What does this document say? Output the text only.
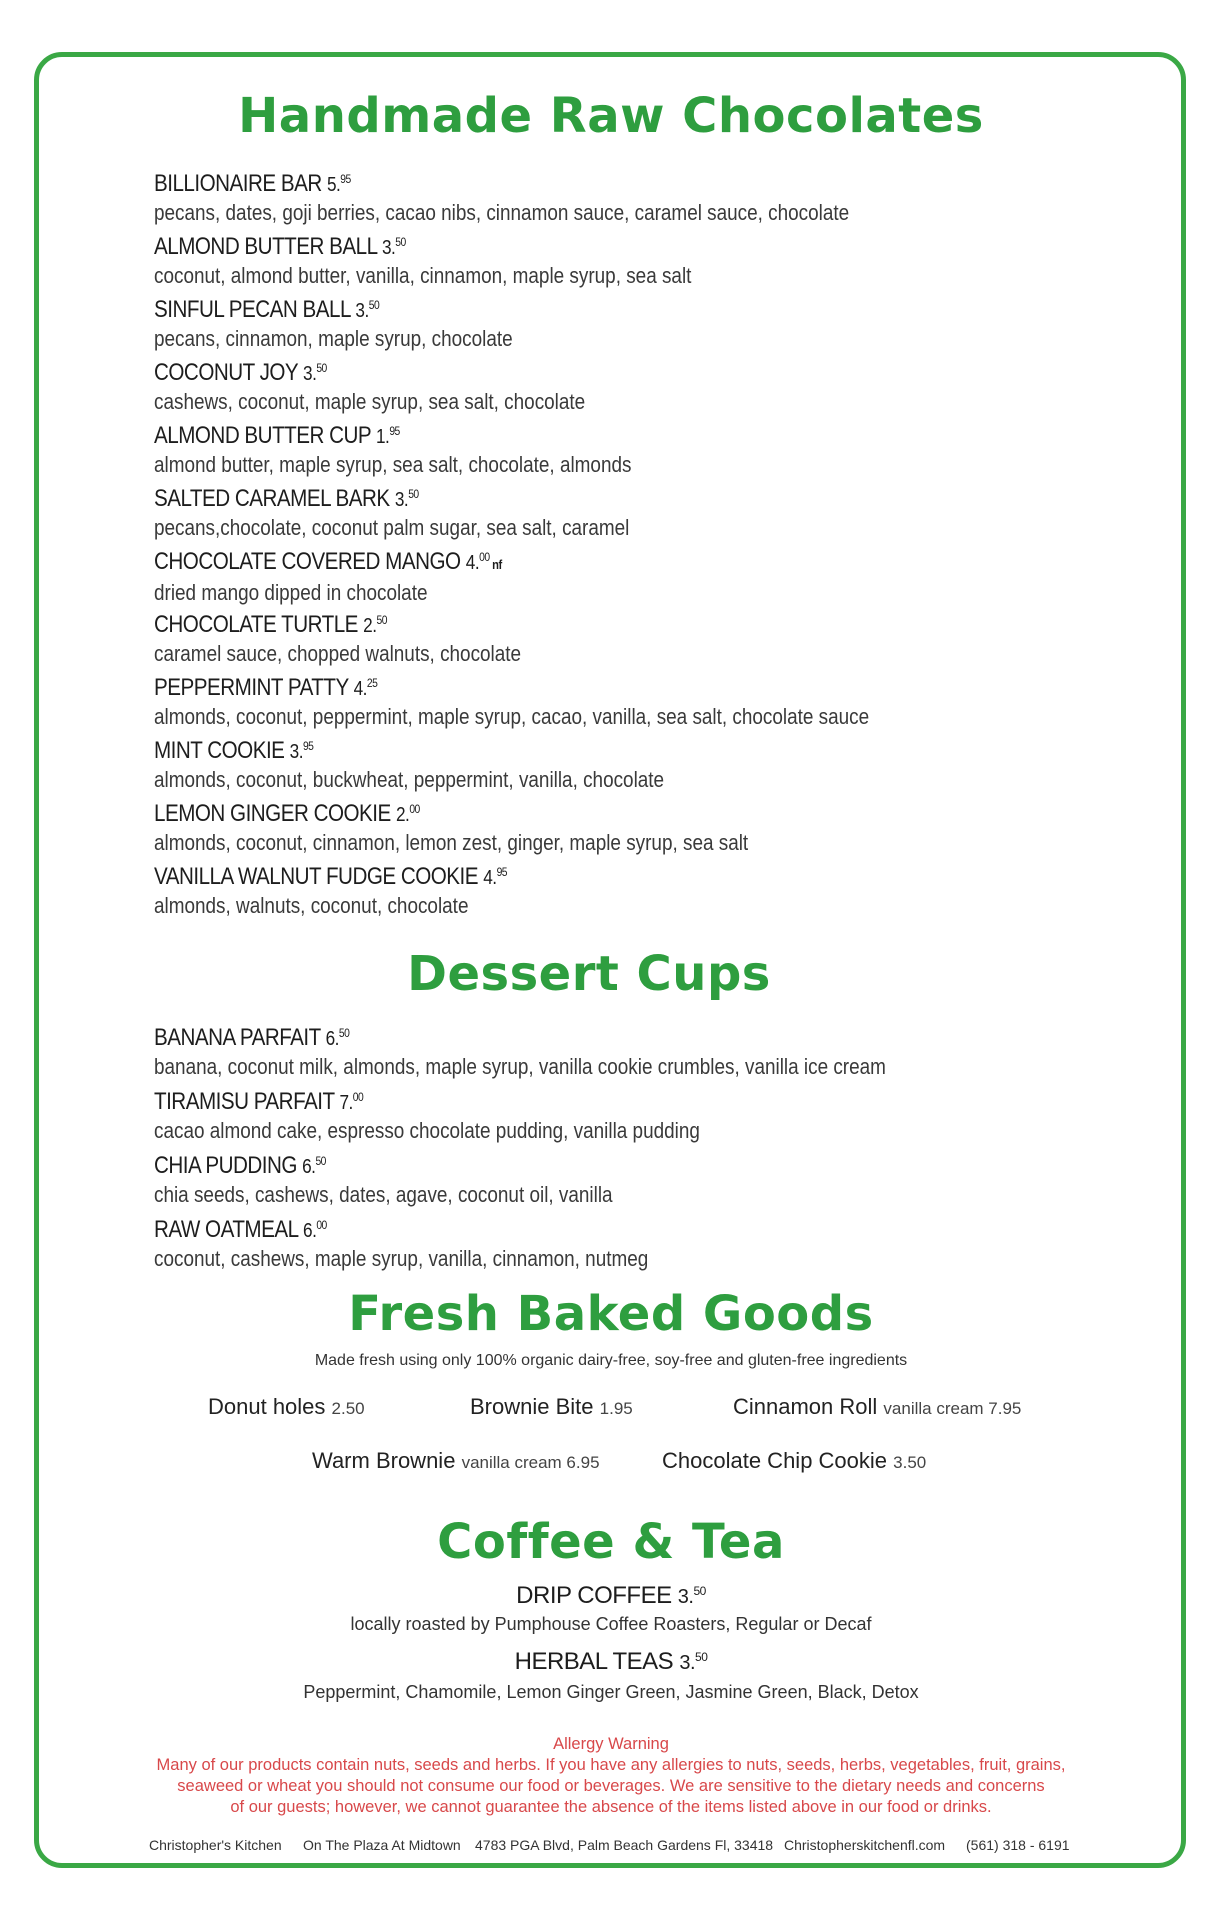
Handmade Raw Chocolates
BILLIONAIRE BAR 5.95
pecans, dates, goji berries, cacao nibs, cinnamon sauce, caramel sauce, chocolate
ALMOND BUTTER BALL 3.50
coconut, almond butter, vanilla, cinnamon, maple syrup, sea salt
SINFUL PECAN BALL 3.50
pecans, cinnamon, maple syrup, chocolate
COCONUT JOY 3.50
cashews, coconut, maple syrup, sea salt, chocolate
ALMOND BUTTER CUP 1.95
almond butter, maple syrup, sea salt, chocolate, almonds
SALTED CARAMEL BARK 3.50
pecans,chocolate, coconut palm sugar, sea salt, caramel
CHOCOLATE COVERED MANGO 4.00 nf
dried mango dipped in chocolate
CHOCOLATE TURTLE 2.50
caramel sauce, chopped walnuts, chocolate
PEPPERMINT PATTY 4.25
almonds, coconut, peppermint, maple syrup, cacao, vanilla, sea salt, chocolate sauce
MINT COOKIE 3.95
almonds, coconut, buckwheat, peppermint, vanilla, chocolate
LEMON GINGER COOKIE 2.00
almonds, coconut, cinnamon, lemon zest, ginger, maple syrup, sea salt
VANILLA WALNUT FUDGE COOKIE 4.95
almonds, walnuts, coconut, chocolate
Dessert Cups
BANANA PARFAIT 6.50
banana, coconut milk, almonds, maple syrup, vanilla cookie crumbles, vanilla ice cream
TIRAMISU PARFAIT 7.00
cacao almond cake, espresso chocolate pudding, vanilla pudding
CHIA PUDDING 6.50
chia seeds, cashews, dates, agave, coconut oil, vanilla
RAW OATMEAL 6.00
coconut, cashews, maple syrup, vanilla, cinnamon, nutmeg
Fresh Baked Goods
Made fresh using only 100% organic dairy-free, soy-free and gluten-free ingredients
Donut holes 2.50	Brownie Bite 1.95	Cinnamon Roll vanilla cream 7.95
Warm Brownie vanilla cream 6.95	Chocolate Chip Cookie 3.50
Coffee & Tea
DRIP COFFEE 3.50
locally roasted by Pumphouse Coffee Roasters, Regular or Decaf
HERBAL TEAS 3.50
Peppermint, Chamomile, Lemon Ginger Green, Jasmine Green, Black, Detox
Allergy Warning
Many of our products contain nuts, seeds and herbs. If you have any allergies to nuts, seeds, herbs, vegetables, fruit, grains,
seaweed or wheat you should not consume our food or beverages. We are sensitive to the dietary needs and concerns
of our guests; however, we cannot guarantee the absence of the items listed above in our food or drinks.
Christopher's Kitchen On The Plaza At Midtown 4783 PGA Blvd, Palm Beach Gardens Fl, 33418 Christopherskitchenfl.com (561) 318 - 6191
